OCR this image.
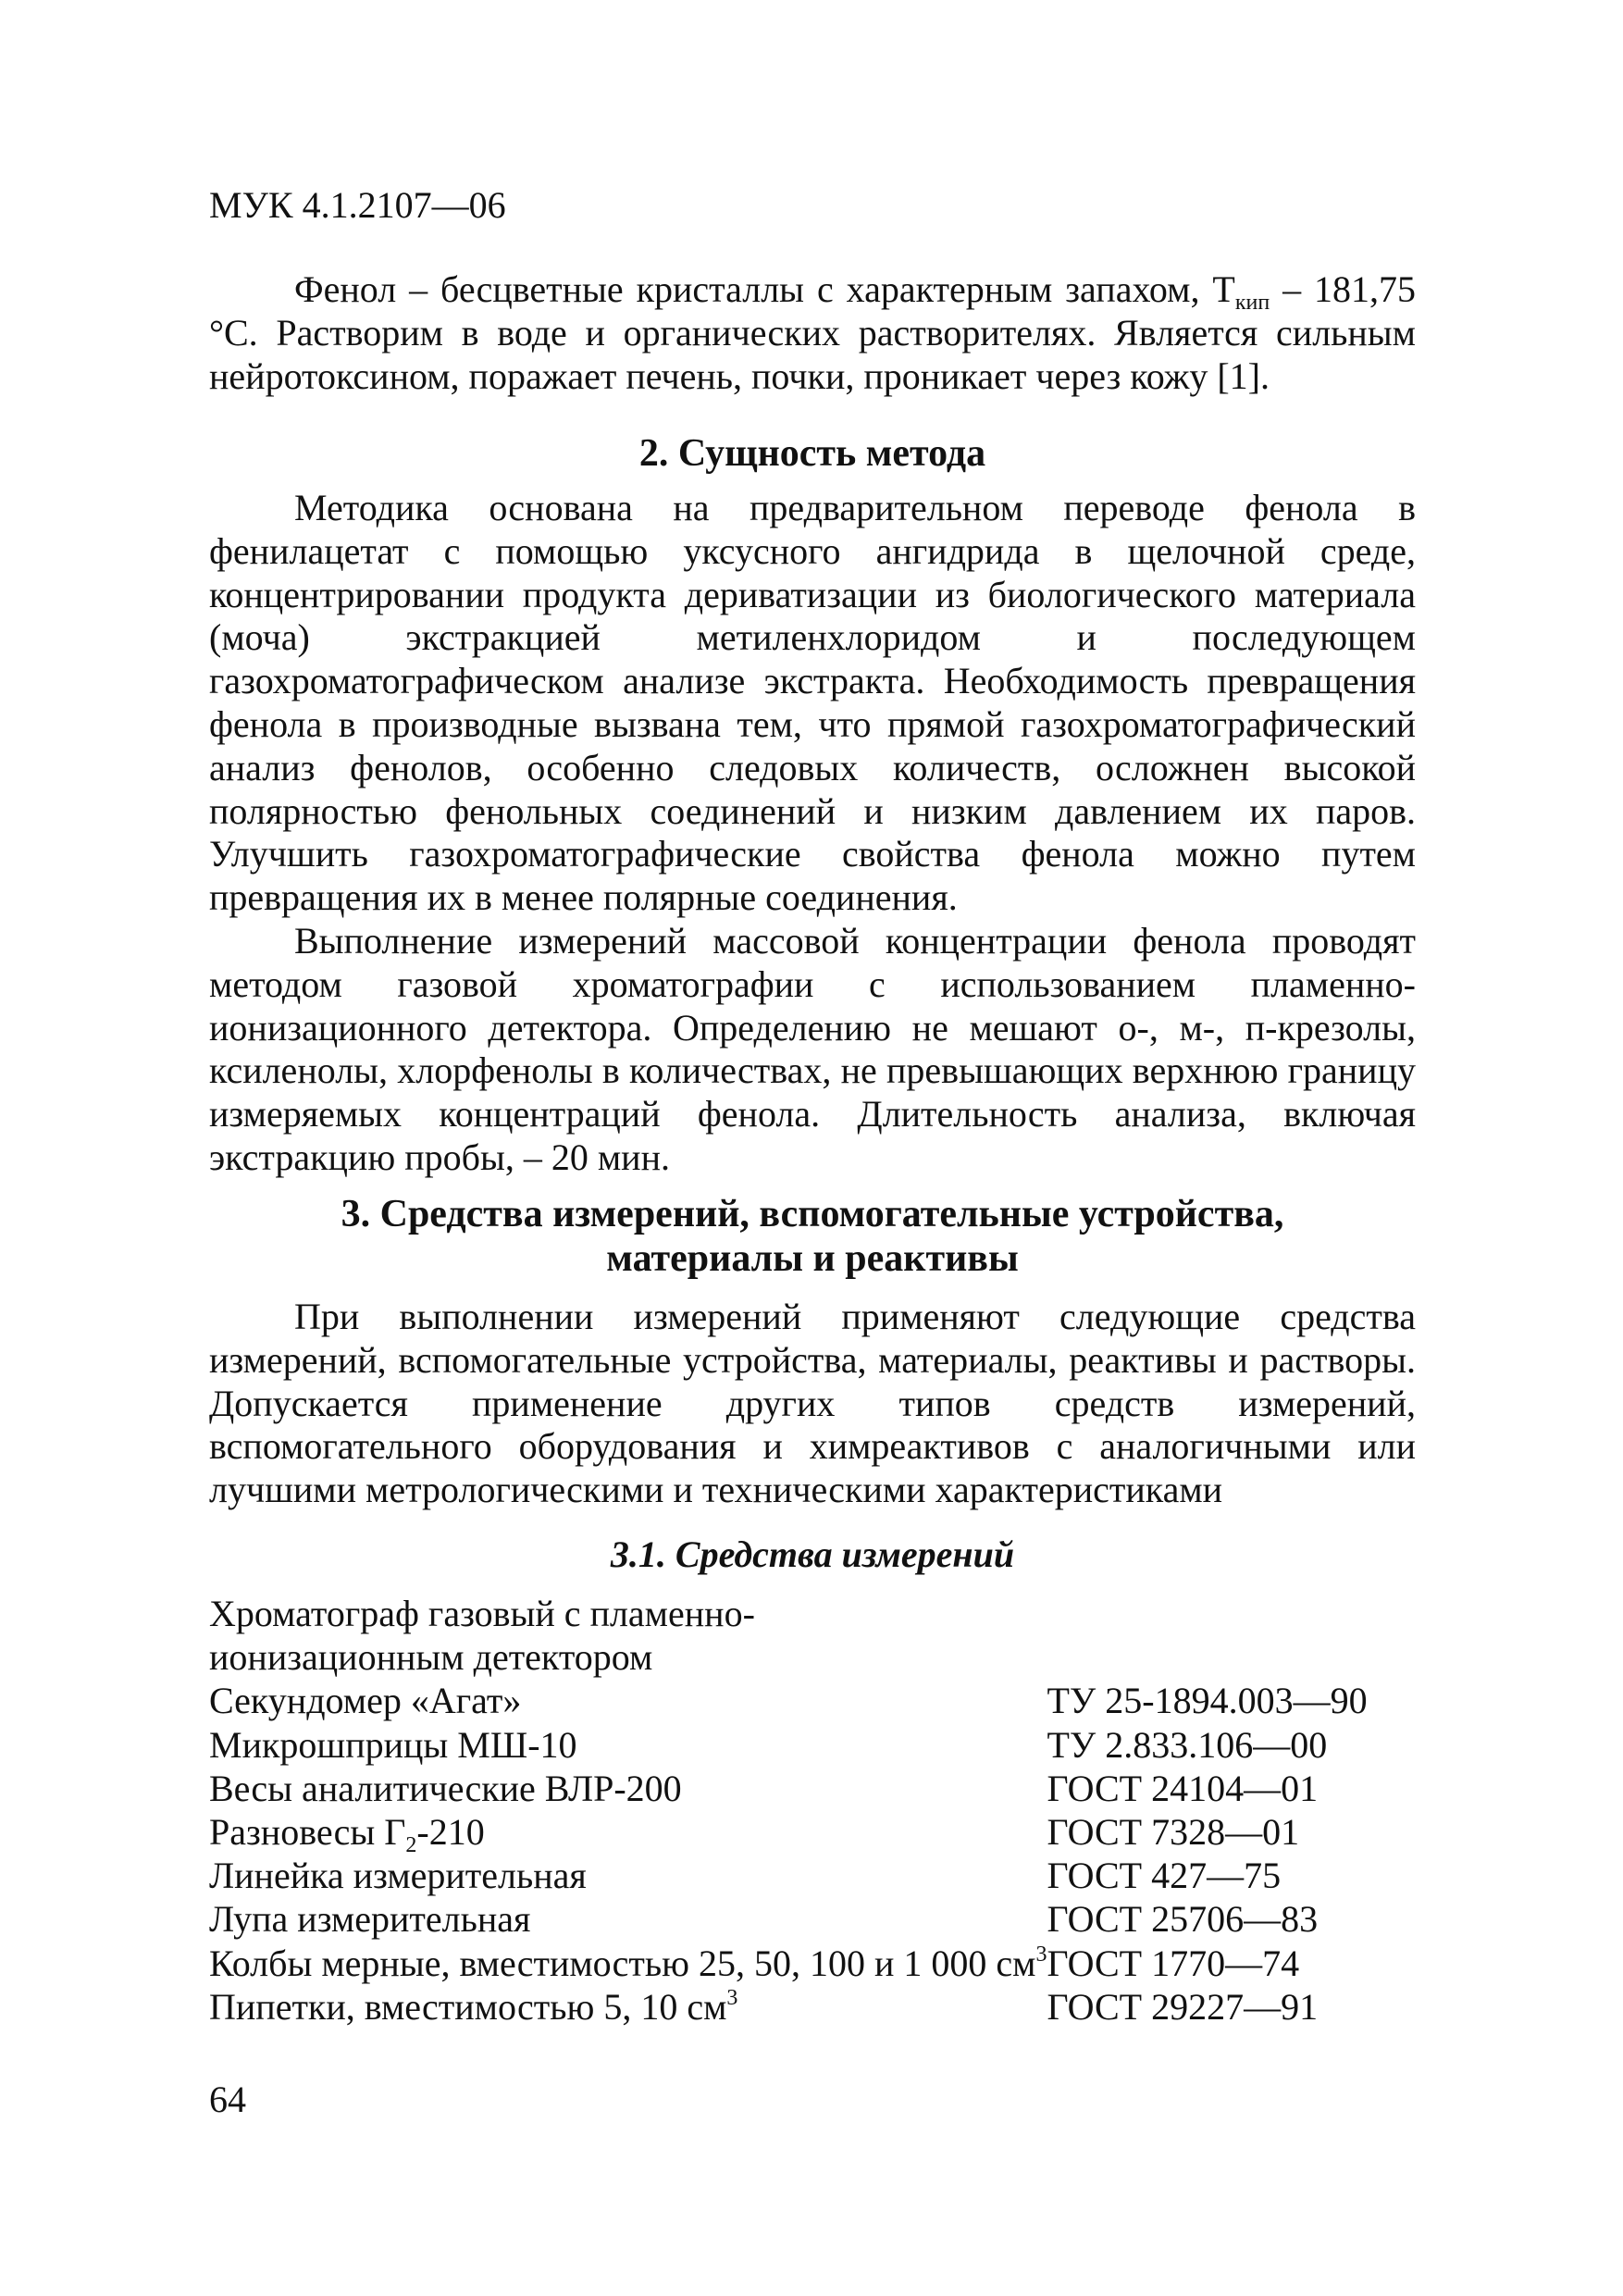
МУК 4.1.2107—06

Фенол – бесцветные кристаллы с характерным запахом, $Т_{кип} - 181,75$ °С. Растворим в воде и органических растворителях. Является сильным нейротоксином, поражает печень, почки, проникает через кожу [1].

2. Сущность метода

Методика основана на предварительном переводе фенола в фенилацетат с помощью уксусного ангидрида в щелочной среде, концентрировании продукта дериватизации из биологического материала (моча) экстракцией метиленхлоридом и последующем газохроматографическом анализе экстракта. Необходимость превращения фенола в производные вызвана тем, что прямой газохроматографический анализ фенолов, особенно следовых количеств, осложнен высокой полярностью фенольных соединений и низким давлением их паров. Улучшить газохроматографические свойства фенола можно путем превращения их в менее полярные соединения.

Выполнение измерений массовой концентрации фенола проводят методом газовой хроматографии с использованием пламенно-ионизационного детектора. Определению не мешают о-, м-, п-крезолы, ксиленолы, хлорфенолы в количествах, не превышающих верхнюю границу измеряемых концентраций фенола. Длительность анализа, включая экстракцию пробы, – 20 мин.

3. Средства измерений, вспомогательные устройства,

материалы и реактивы

При выполнении измерений применяют следующие средства измерений, вспомогательные устройства, материалы, реактивы и растворы. Допускается применение других типов средств измерений, вспомогательного оборудования и химреактивов с аналогичными или лучшими метрологическими и техническими характеристиками

3.1. Средства измерений

Хроматограф газовый с пламенно-	
ионизационным детектором	
Секундомер «Агат»	ТУ 25-1894.003—90
Микрошприцы МШ-10	ТУ 2.833.106—00
Весы аналитические ВЛР-200	ГОСТ 24104—01
Разновесы $Г_2-210$	ГОСТ 7328—01
Линейка измерительная	ГОСТ 427—75
Лупа измерительная	ГОСТ 25706—83
Колбы мерные, вместимостью 25, 50, 100 и 1 000 $см^3$	ГОСТ 1770—74
Пипетки, вместимостью 5, 10 $см^3$	ГОСТ 29227—91
64
